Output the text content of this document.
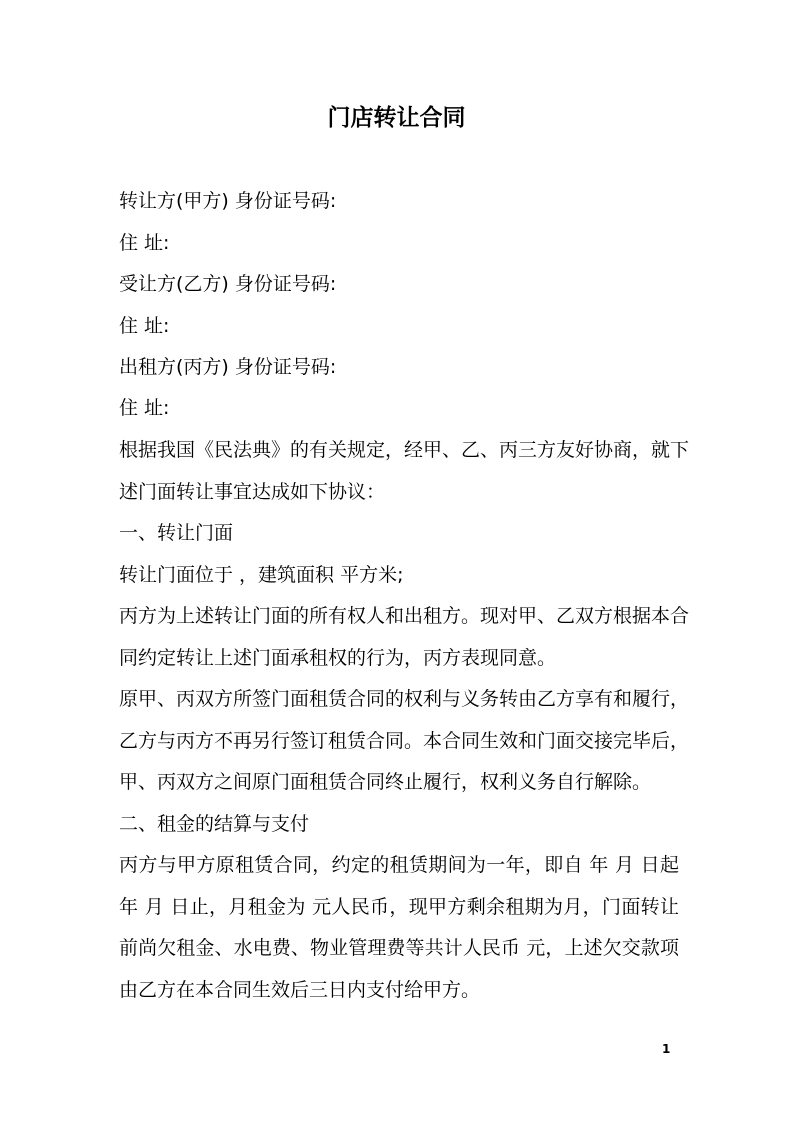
门店转让合同

转让方(甲方) 身份证号码:

住 址:

受让方(乙方) 身份证号码:

住 址:

出租方(丙方) 身份证号码:

住 址:

根据我国《民法典》的有关规定，经甲、乙、丙三方友好协商，就下

述门面转让事宜达成如下协议：

一、转让门面

转让门面位于 ，建筑面积 平方米;

丙方为上述转让门面的所有权人和出租方。现对甲、乙双方根据本合

同约定转让上述门面承租权的行为，丙方表现同意。

原甲、丙双方所签门面租赁合同的权利与义务转由乙方享有和履行，

乙方与丙方不再另行签订租赁合同。本合同生效和门面交接完毕后，

甲、丙双方之间原门面租赁合同终止履行，权利义务自行解除。

二、租金的结算与支付

丙方与甲方原租赁合同，约定的租赁期间为一年，即自 年 月 日起

年 月 日止，月租金为 元人民币，现甲方剩余租期为月，门面转让

前尚欠租金、水电费、物业管理费等共计人民币 元，上述欠交款项

由乙方在本合同生效后三日内支付给甲方。

1
